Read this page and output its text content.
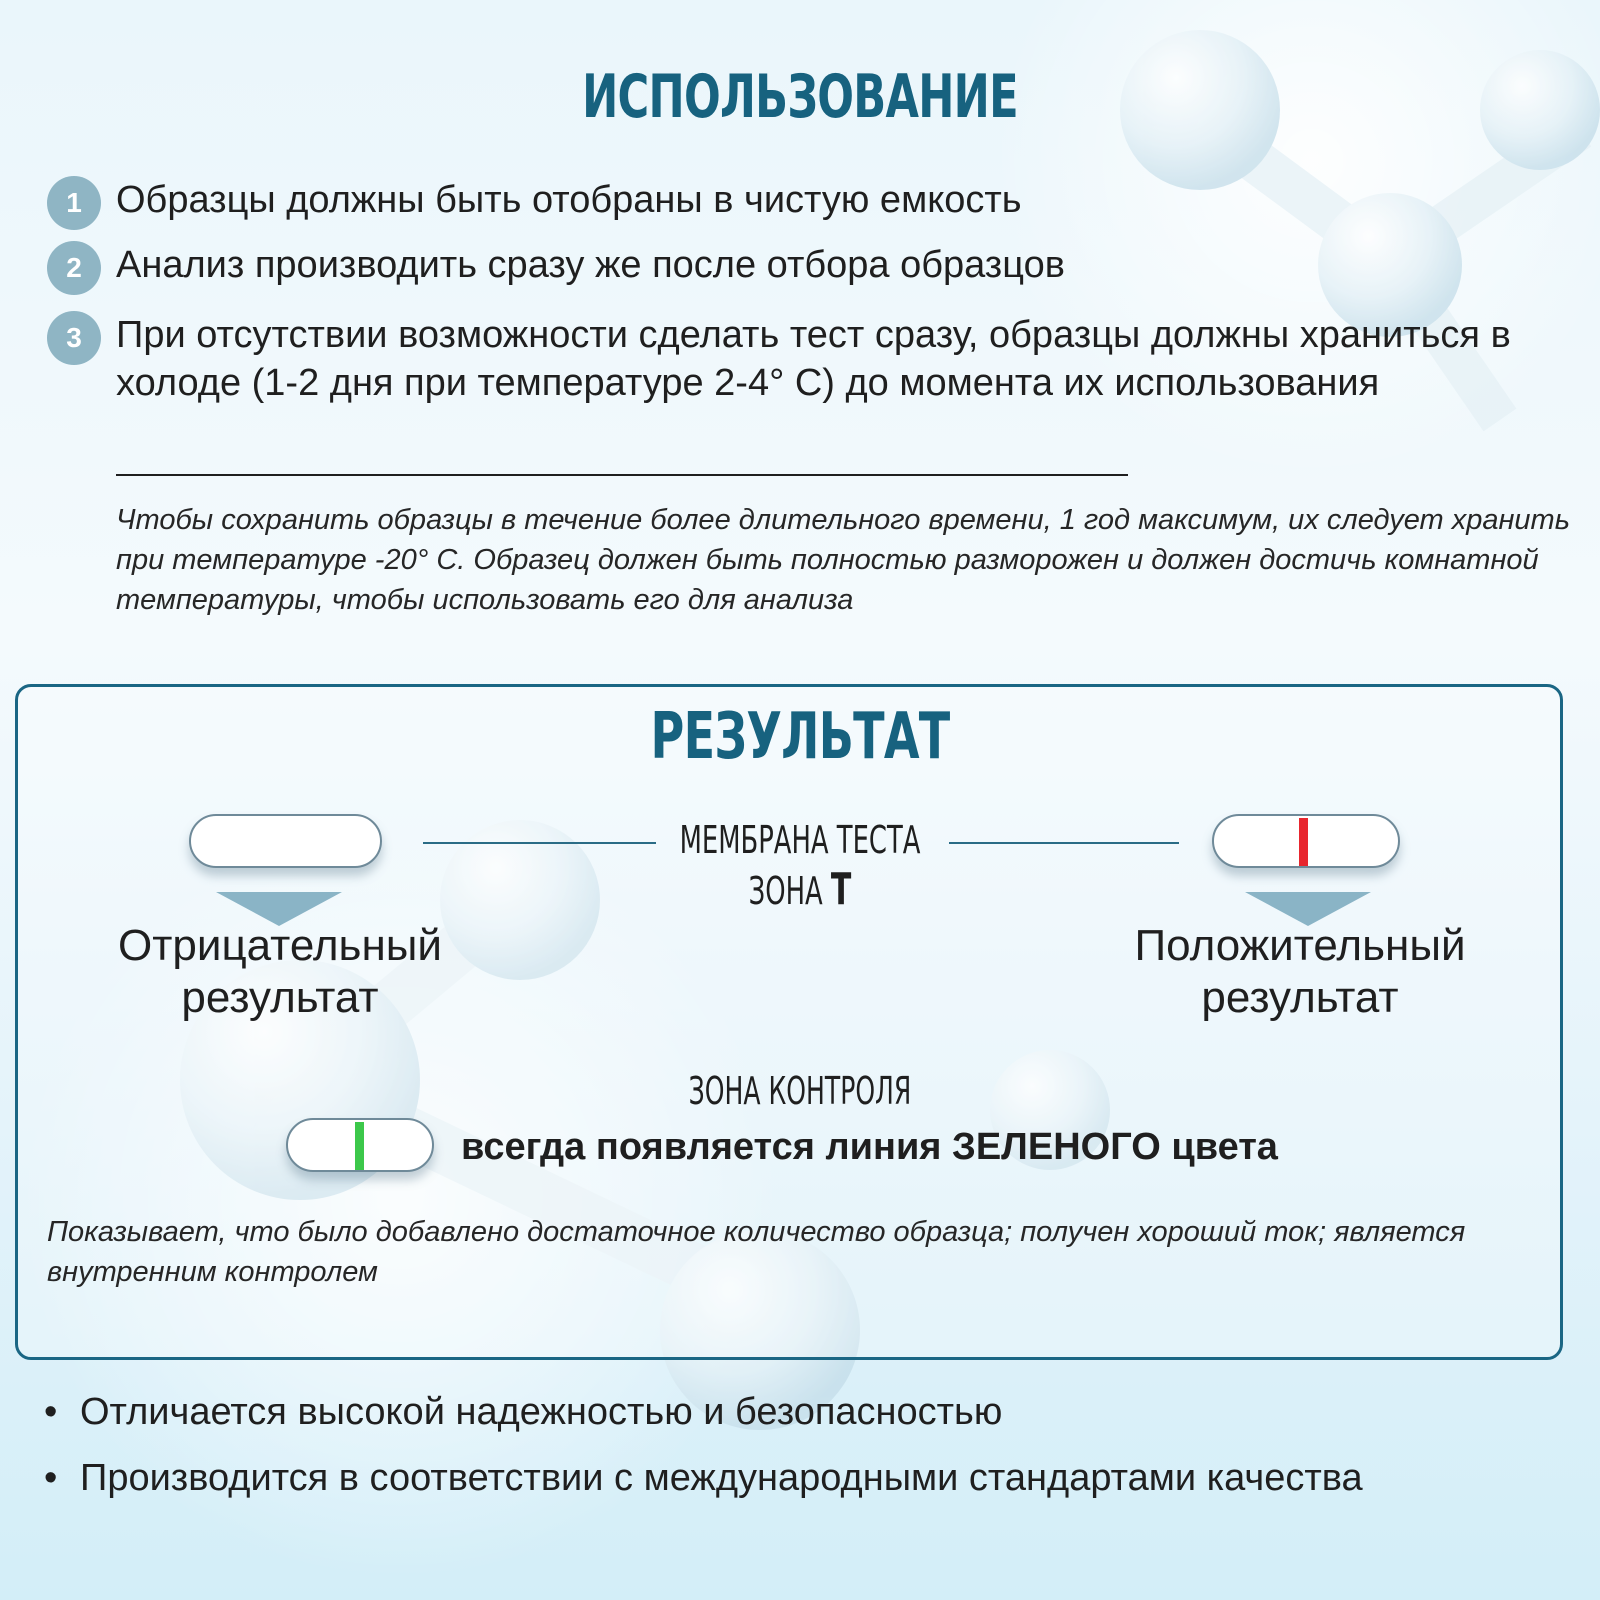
ИСПОЛЬЗОВАНИЕ
1 Образцы должны быть отобраны в чистую емкость
2 Анализ производить сразу же после отбора образцов
3 При отсутствии возможности сделать тест сразу, образцы должны храниться в холоде (1-2 дня при температуре 2-4° С) до момента их использования
Чтобы сохранить образцы в течение более длительного времени, 1 год максимум, их следует хранить при температуре -20° С. Образец должен быть полностью разморожен и должен достичь комнатной температуры, чтобы использовать его для анализа
РЕЗУЛЬТАТ
Отрицательный
результат
МЕМБРАНА ТЕСТА
ЗОНА Т
Положительный
результат
ЗОНА КОНТРОЛЯ
всегда появляется линия ЗЕЛЕНОГО цвета
Показывает, что было добавлено достаточное количество образца; получен хороший ток; является внутренним контролем
• Отличается высокой надежностью и безопасностью
• Производится в соответствии с международными стандартами качества
